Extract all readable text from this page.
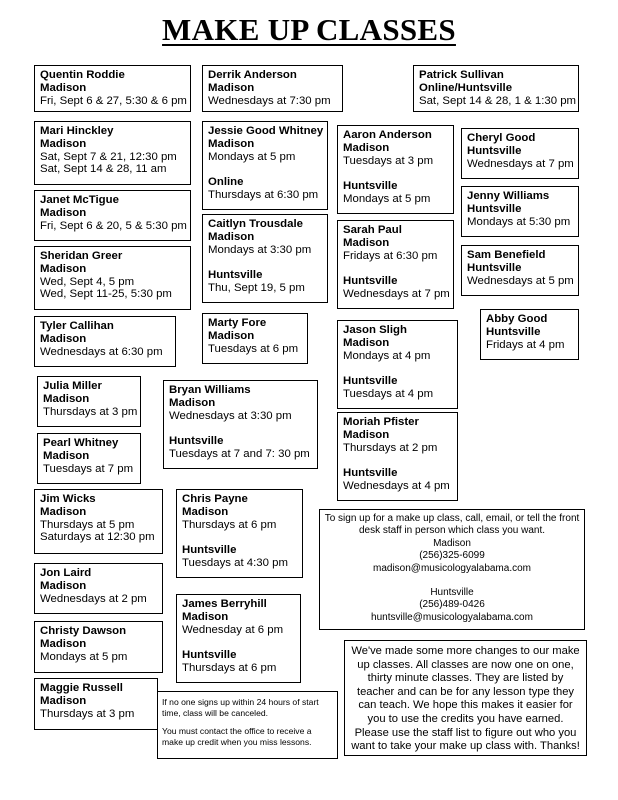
MAKE UP CLASSES
Quentin Roddie
Madison
Fri, Sept 6 & 27, 5:30 & 6 pm
Derrik Anderson
Madison
Wednesdays at 7:30 pm
Patrick Sullivan
Online/Huntsville
Sat, Sept 14 & 28, 1 & 1:30 pm
Mari Hinckley
Madison
Sat, Sept 7 & 21, 12:30 pm
Sat, Sept 14 & 28, 11 am
Jessie Good Whitney
Madison
Mondays at 5 pm
Online
Thursdays at 6:30 pm
Aaron Anderson
Madison
Tuesdays at 3 pm
Huntsville
Mondays at 5 pm
Cheryl Good
Huntsville
Wednesdays at 7 pm
Janet McTigue
Madison
Fri, Sept 6 & 20, 5 & 5:30 pm
Jenny Williams
Huntsville
Mondays at 5:30 pm
Caitlyn Trousdale
Madison
Mondays at 3:30 pm
Huntsville
Thu, Sept 19, 5 pm
Sarah Paul
Madison
Fridays at 6:30 pm
Huntsville
Wednesdays at 7 pm
Sheridan Greer
Madison
Wed, Sept 4, 5 pm
Wed, Sept 11-25, 5:30 pm
Sam Benefield
Huntsville
Wednesdays at 5 pm
Abby Good
Huntsville
Fridays at 4 pm
Tyler Callihan
Madison
Wednesdays at 6:30 pm
Marty Fore
Madison
Tuesdays at 6 pm
Jason Sligh
Madison
Mondays at 4 pm
Huntsville
Tuesdays at 4 pm
Julia Miller
Madison
Thursdays at 3 pm
Bryan Williams
Madison
Wednesdays at 3:30 pm
Huntsville
Tuesdays at 7 and 7: 30 pm
Moriah Pfister
Madison
Thursdays at 2 pm
Huntsville
Wednesdays at 4 pm
Pearl Whitney
Madison
Tuesdays at 7 pm
Jim Wicks
Madison
Thursdays at 5 pm
Saturdays at 12:30 pm
Chris Payne
Madison
Thursdays at 6 pm
Huntsville
Tuesdays at 4:30 pm
Jon Laird
Madison
Wednesdays at 2 pm	James Berryhill
Madison
Wednesday at 6 pm
Huntsville
Thursdays at 6 pm
Christy Dawson
Madison
Mondays at 5 pm
Maggie Russell
Madison
Thursdays at 3 pm
To sign up for a make up class, call, email, or tell the front desk staff in person which class you want.
Madison
(256)325-6099
madison@musicologyalabama.com
Huntsville
(256)489-0426
huntsville@musicologyalabama.com
If no one signs up within 24 hours of start time, class will be canceled.
You must contact the office to receive a make up credit when you miss lessons.
We've made some more changes to our make up classes. All classes are now one on one, thirty minute classes. They are listed by teacher and can be for any lesson type they can teach. We hope this makes it easier for you to use the credits you have earned. Please use the staff list to figure out who you want to take your make up class with. Thanks!
